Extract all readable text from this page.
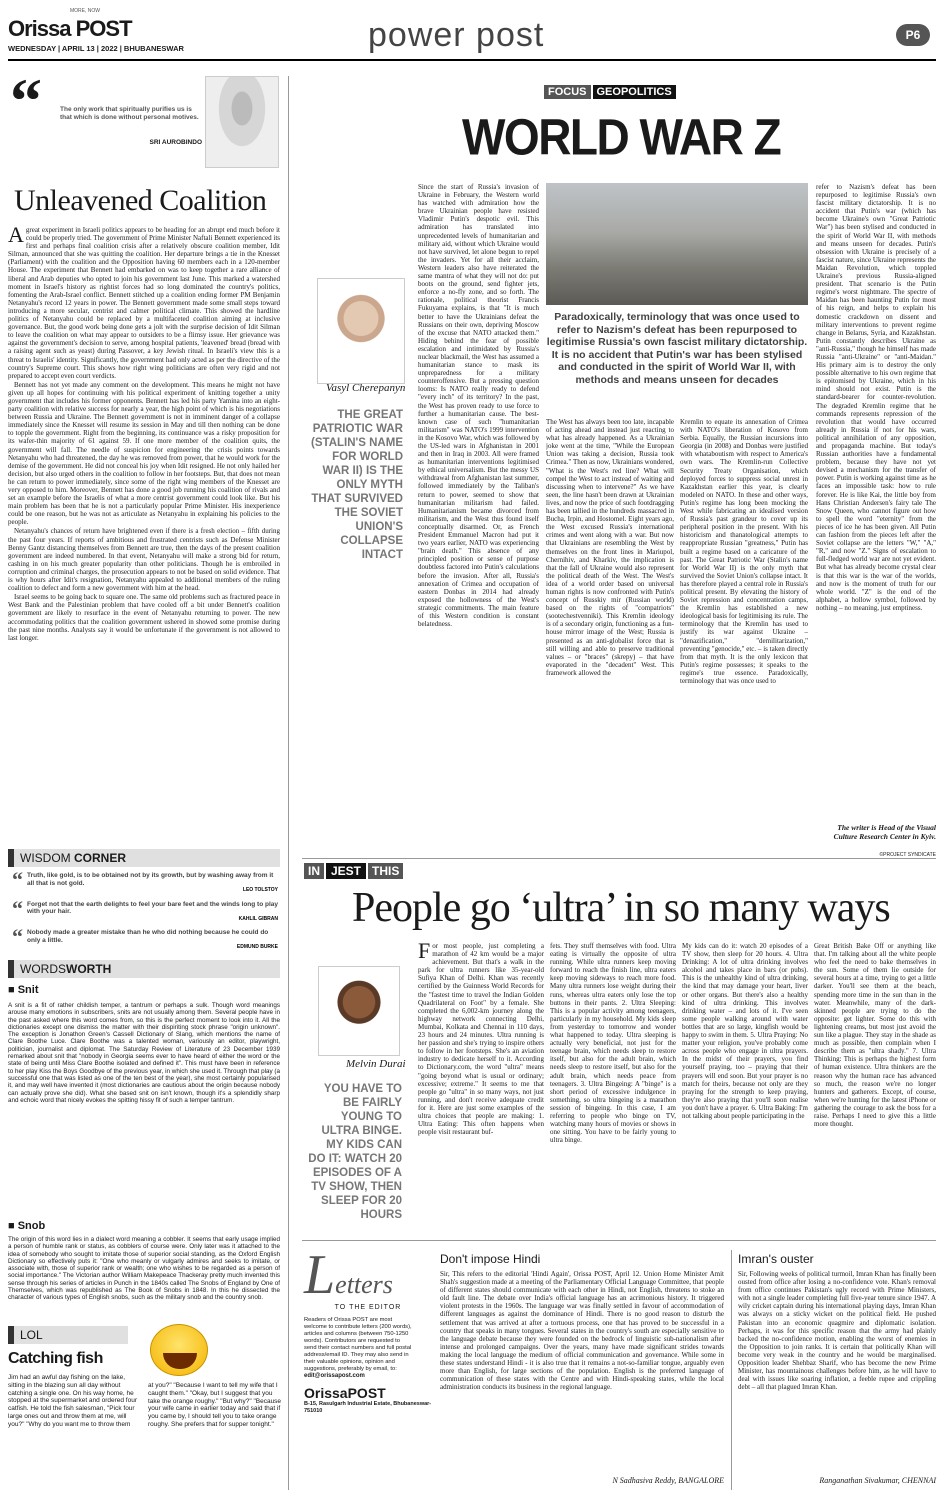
Orissa POST
MORE, NOW
WEDNESDAY | APRIL 13 | 2022 | BHUBANESWAR	power post	P6
“	The only work that spiritually purifies us is that which is done without personal motives.
SRI AUROBINDO
Unleavened Coalition

Agreat experiment in Israeli politics appears to be heading for an abrupt end much before it could be properly tried. The government of Prime Minister Naftali Bennett experienced its first and perhaps final coalition crisis after a relatively obscure coalition member, Idit Silman, announced that she was quitting the coalition. Her departure brings a tie in the Knesset (Parliament) with the coalition and the Opposition having 60 members each in a 120-member House. The experiment that Bennett had embarked on was to keep together a rare alliance of liberal and Arab deputies who opted to join his government last June. This marked a watershed moment in Israel's history as rightist forces had so long dominated the country's politics, fomenting the Arab-Israel conflict. Bennett stitched up a coalition ending former PM Benjamin Netanyahu's record 12 years in power. The Bennett government made some small steps toward introducing a more secular, centrist and calmer political climate. This showed the hardline politics of Netanyahu could be replaced by a multifaceted coalition aiming at inclusive governance. But, the good work being done gets a jolt with the surprise decision of Idit Silman to leave the coalition on what may appear to outsiders to be a flimsy issue. Her grievance was against the government's decision to serve, among hospital patients, 'leavened' bread (bread with a raising agent such as yeast) during Passover, a key Jewish ritual. In Israeli's view this is a threat to Israelis' identity. Significantly, the government had only acted as per the directive of the country's Supreme court. This shows how right wing politicians are often very rigid and not prepared to accept even court verdicts.

Bennett has not yet made any comment on the development. This means he might not have given up all hopes for continuing with his political experiment of knitting together a unity government that includes his former opponents. Bennett has led his party Yamina into an eight-party coalition with relative success for nearly a year, the high point of which is his negotiations between Russia and Ukraine. The Bennett government is not in imminent danger of a collapse immediately since the Knesset will resume its session in May and till then nothing can be done to topple the government. Right from the beginning, its continuance was a risky proposition for its wafer-thin majority of 61 against 59. If one more member of the coalition quits, the government will fall. The needle of suspicion for engineering the crisis points towards Netanyahu who had threatened, the day he was removed from power, that he would work for the demise of the government. He did not conceal his joy when Idit resigned. He not only hailed her decision, but also urged others in the coalition to follow in her footsteps. But, that does not mean he can return to power immediately, since some of the right wing members of the Knesset are very opposed to him. Moreover, Bennett has done a good job running his coalition of rivals and set an example before the Israelis of what a more centrist government could look like. But his main problem has been that he is not a particularly popular Prime Minister. His inexperience could be one reason, but he was not as articulate as Netanyahu in explaining his policies to the people.

Netanyahu's chances of return have brightened even if there is a fresh election – fifth during the past four years. If reports of ambitious and frustrated centrists such as Defense Minister Benny Gantz distancing themselves from Bennett are true, then the days of the present coalition government are indeed numbered. In that event, Netanyahu will make a strong bid for return, cashing in on his much greater popularity than other politicians. Though he is embroiled in corruption and criminal charges, the prosecution appears to not be based on solid evidence. That is why hours after Idit's resignation, Netanyahu appealed to additional members of the ruling coalition to defect and form a new government with him at the head.

Israel seems to be going back to square one. The same old problems such as fractured peace in West Bank and the Palestinian problem that have cooled off a bit under Bennett's coalition government are likely to resurface in the event of Netanyahu returning to power. The new accommodating politics that the coalition government ushered in showed some promise during the past nine months. Analysts say it would be unfortunate if the government is not allowed to last longer.

WISDOM CORNER
“ Truth, like gold, is to be obtained not by its growth, but by washing away from it all that is not gold.
LEO TOLSTOY
“ Forget not that the earth delights to feel your bare feet and the winds long to play with your hair.
KAHLIL GIBRAN
“ Nobody made a greater mistake than he who did nothing because he could do only a little.
EDMUND BURKE
WORDSWORTH
■ Snit
A snit is a fit of rather childish temper, a tantrum or perhaps a sulk. Though word meanings arouse many emotions in subscribers, snits are not usually among them. Several people have in the past asked where this word comes from, so this is the perfect moment to look into it. All the dictionaries except one dismiss the matter with their dispiriting stock phrase "origin unknown". The exception is Jonathon Green's Cassell Dictionary of Slang, which mentions the name of Clare Boothe Luce. Clare Boothe was a talented woman, variously an editor, playwright, politician, journalist and diplomat. The Saturday Review of Literature of 23 December 1939 remarked about snit that "nobody in Georgia seems ever to have heard of either the word or the state of being until Miss Clare Boothe isolated and defined it". This must have been in reference to her play Kiss the Boys Goodbye of the previous year, in which she used it. Through that play (a successful one that was listed as one of the ten best of the year), she most certainly popularised it, and may well have invented it (most dictionaries are cautious about the origin because nobody can actually prove she did). What she based snit on isn't known, though it's a splendidly sharp and echoic word that nicely evokes the spitting hissy fit of such a temper tantrum.
■ Snob
The origin of this word lies in a dialect word meaning a cobbler. It seems that early usage implied a person of humble rank or status, as cobblers of course were. Only later was it attached to the idea of somebody who sought to imitate those of superior social standing, as the Oxford English Dictionary so effectively puts it: "One who meanly or vulgarly admires and seeks to imitate, or associate with, those of superior rank or wealth; one who wishes to be regarded as a person of social importance." The Victorian author William Makepeace Thackeray pretty much invented this sense through his series of articles in Punch in the 1840s called The Snobs of England by One of Themselves, which was republished as The Book of Snobs in 1848. In this he dissected the character of various types of English snobs, such as the military snob and the country snob.
LOL
Catching fish
Jim had an awful day fishing on the lake, sitting in the blazing sun all day without catching a single one. On his way home, he stopped at the supermarket and ordered four catfish. He told the fish salesman, "Pick four large ones out and throw them at me, will you?" "Why do you want me to throw them
at you?" "Because I want to tell my wife that I caught them." "Okay, but I suggest that you take the orange roughy." "But why?" "Because your wife came in earlier today and said that if you came by, I should tell you to take orange roughy. She prefers that for supper tonight."
FOCUS GEOPOLITICS
WORLD WAR Z
Vasyl Cherepanyn
THE GREAT PATRIOTIC WAR (STALIN'S NAME FOR WORLD WAR II) IS THE ONLY MYTH THAT SURVIVED THE SOVIET UNION'S COLLAPSE INTACT
Since the start of Russia's invasion of Ukraine in February, the Western world has watched with admiration how the brave Ukrainian people have resisted Vladimir Putin's despotic evil. This admiration has translated into unprecedented levels of humanitarian and military aid, without which Ukraine would not have survived, let alone begun to repel the invaders. Yet for all their acclaim, Western leaders also have reiterated the same mantra of what they will not do: put boots on the ground, send fighter jets, enforce a no-fly zone, and so forth. The rationale, political theorist Francis Fukuyama explains, is that "It is much better to have the Ukrainians defeat the Russians on their own, depriving Moscow of the excuse that NATO attacked them." Hiding behind the fear of possible escalation and intimidated by Russia's nuclear blackmail, the West has assumed a humanitarian stance to mask its unpreparedness for a military counteroffensive. But a pressing question looms: Is NATO really ready to defend "every inch" of its territory? In the past, the West has proven ready to use force to further a humanitarian cause. The best-known case of such "humanitarian militarism" was NATO's 1999 intervention in the Kosovo War, which was followed by the US-led wars in Afghanistan in 2001 and then in Iraq in 2003. All were framed as humanitarian interventions legitimised by ethical universalism. But the messy US withdrawal from Afghanistan last summer, followed immediately by the Taliban's return to power, seemed to show that humanitarian militarism had failed. Humanitarianism became divorced from militarism, and the West thus found itself conceptually disarmed. Or, as French President Emmanuel Macron had put it two years earlier, NATO was experiencing "brain death." This absence of any principled position or sense of purpose doubtless factored into Putin's calculations before the invasion. After all, Russia's annexation of Crimea and occupation of eastern Donbas in 2014 had already exposed the hollowness of the West's strategic commitments. The main feature of this Western condition is constant belatedness.
Paradoxically, terminology that was once used to refer to Nazism's defeat has been repurposed to legitimise Russia's own fascist military dictatorship. It is no accident that Putin's war has been stylised and conducted in the spirit of World War II, with methods and means unseen for decades
The West has always been too late, incapable of acting ahead and instead just reacting to what has already happened. As a Ukrainian joke went at the time, "While the European Union was taking a decision, Russia took Crimea." Then as now, Ukrainians wondered, "What is the West's red line? What will compel the West to act instead of waiting and discussing when to intervene?" As we have seen, the line hasn't been drawn at Ukrainian lives, and now the price of such footdragging has been tallied in the hundreds massacred in Bucha, Irpin, and Hostomel. Eight years ago, the West excused Russia's international crimes and went along with a war. But now that Ukrainians are resembling the West by themselves on the front lines in Mariupol, Chernihiv, and Kharkiv, the implication is that the fall of Ukraine would also represent the political death of the West. The West's idea of a world order based on universal human rights is now confronted with Putin's concept of Russkiy mir (Russian world) based on the rights of "compatriots" (sootechestvenniki). This Kremlin ideology is of a secondary origin, functioning as a fun-house mirror image of the West; Russia is presented as an anti-globalist force that is still willing and able to preserve traditional values – or "braces" (skrepy) – that have evaporated in the "decadent" West. This framework allowed the
Kremlin to equate its annexation of Crimea with NATO's liberation of Kosovo from Serbia. Equally, the Russian incursions into Georgia (in 2008) and Donbas were justified with whataboutism with respect to America's own wars. The Kremlin-run Collective Security Treaty Organisation, which deployed forces to suppress social unrest in Kazakhstan earlier this year, is clearly modeled on NATO. In these and other ways, Putin's regime has long been mocking the West while fabricating an idealised version of Russia's past grandeur to cover up its peripheral position in the present. With his historicism and thanatological attempts to reappropriate Russian "greatness," Putin has built a regime based on a caricature of the past. The Great Patriotic War (Stalin's name for World War II) is the only myth that survived the Soviet Union's collapse intact. It has therefore played a central role in Russia's political present. By elevating the history of Soviet repression and concentration camps, the Kremlin has established a new ideological basis for legitimising its rule. The terminology that the Kremlin has used to justify its war against Ukraine – "denazification," "demilitarization," preventing "genocide," etc. – is taken directly from that myth. It is the only lexicon that Putin's regime possesses; it speaks to the regime's true essence. Paradoxically, terminology that was once used to
refer to Nazism's defeat has been repurposed to legitimise Russia's own fascist military dictatorship. It is no accident that Putin's war (which has become Ukraine's own "Great Patriotic War") has been stylised and conducted in the spirit of World War II, with methods and means unseen for decades. Putin's obsession with Ukraine is precisely of a fascist nature, since Ukraine represents the Maidan Revolution, which toppled Ukraine's previous Russia-aligned president. That scenario is the Putin regime's worst nightmare. The spectre of Maidan has been haunting Putin for most of his reign, and helps to explain his domestic crackdown on dissent and military interventions to prevent regime change in Belarus, Syria, and Kazakhstan. Putin constantly describes Ukraine as "anti-Russia," though he himself has made Russia "anti-Ukraine" or "anti-Maidan." His primary aim is to destroy the only possible alternative to his own regime that is epitomised by Ukraine, which in his mind should not exist. Putin is the standard-bearer for counter-revolution. The degraded Kremlin regime that he commands represents repression of the revolution that would have occurred already in Russia if not for his wars, political annihilation of any opposition, and propaganda machine. But today's Russian authorities have a fundamental problem, because they have not yet devised a mechanism for the transfer of power. Putin is working against time as he faces an impossible task: how to rule forever. He is like Kai, the little boy from Hans Christian Andersen's fairy tale The Snow Queen, who cannot figure out how to spell the word "eternity" from the pieces of ice he has been given. All Putin can fashion from the pieces left after the Soviet collapse are the letters "W," "A," "R," and now "Z." Signs of escalation to full-fledged world war are not yet evident. But what has already become crystal clear is that this war is the war of the worlds, and now is the moment of truth for our whole world. "Z" is the end of the alphabet, a hollow symbol, followed by nothing – no meaning, just emptiness.
The writer is Head of the Visual Culture Research Center in Kyiv.
©PROJECT SYNDICATE
IN JEST THIS
People go ‘ultra’ in so many ways
Melvin Durai
YOU HAVE TO BE FAIRLY YOUNG TO ULTRA BINGE. MY KIDS CAN DO IT: WATCH 20 EPISODES OF A TV SHOW, THEN SLEEP FOR 20 HOURS
For most people, just completing a marathon of 42 km would be a major achievement. But that's a walk in the park for ultra runners like 35-year-old Sufiya Khan of Delhi. Khan was recently certified by the Guinness World Records for the "fastest time to travel the Indian Golden Quadrilateral on Foot" by a female. She completed the 6,002-km journey along the highway network connecting Delhi, Mumbai, Kolkata and Chennai in 110 days, 23 hours and 24 minutes. Ultra running is her passion and she's trying to inspire others to follow in her footsteps. She's an aviation industry to dedicate herself to it. According to Dictionary.com, the word "ultra" means "going beyond what is usual or ordinary; excessive; extreme." It seems to me that people go "ultra" in so many ways, not just running, and don't receive adequate credit for it. Here are just some examples of the ultra choices that people are making: 1. Ultra Eating: This often happens when people visit restaurant buf-
fets. They stuff themselves with food. Ultra eating is virtually the opposite of ultra running. While ultra runners keep moving forward to reach the finish line, ultra eaters keep moving sideways to reach more food. Many ultra runners lose weight during their runs, whereas ultra eaters only lose the top buttons in their pants. 2. Ultra Sleeping: This is a popular activity among teenagers, particularly in my household. My kids sleep from yesterday to tomorrow and wonder what happened to today. Ultra sleeping is actually very beneficial, not just for the teenage brain, which needs sleep to restore itself, but also for the adult brain, which needs sleep to restore itself, but also for the adult brain, which needs peace from teenagers. 3. Ultra Bingeing: A "binge" is a short period of excessive indulgence in something, so ultra bingeing is a marathon session of bingeing. In this case, I am referring to people who binge on TV, watching many hours of movies or shows in one sitting. You have to be fairly young to ultra binge.
My kids can do it: watch 20 episodes of a TV show, then sleep for 20 hours. 4. Ultra Drinking: A lot of ultra drinking involves alcohol and takes place in bars (or pubs). This is the unhealthy kind of ultra drinking, the kind that may damage your heart, liver or other organs. But there's also a healthy kind of ultra drinking. This involves drinking water – and lots of it. I've seen some people walking around with water bottles that are so large, kingfish would be happy to swim in them. 5. Ultra Praying: No matter your religion, you've probably come across people who engage in ultra prayers. In the midst of their prayers, you find yourself praying, too – praying that their prayers will end soon. But your prayer is no match for theirs, because not only are they praying for the strength to keep praying, they're also praying that you'll soon realise you don't have a prayer. 6. Ultra Baking: I'm not talking about people participating in the
Great British Bake Off or anything like that. I'm talking about all the white people who feel the need to bake themselves in the sun. Some of them lie outside for several hours at a time, trying to get a little darker. You'll see them at the beach, spending more time in the sun than in the water. Meanwhile, many of the dark-skinned people are trying to do the opposite: get lighter. Some do this with lightening creams, but most just avoid the sun like a plague. They stay in the shade as much as possible, then complain when I describe them as "ultra shady." 7. Ultra Thinking: This is perhaps the highest form of human existence. Ultra thinkers are the reason why the human race has advanced so much, the reason we're no longer hunters and gatherers. Except, of course, when we're hunting for the latest iPhone or gathering the courage to ask the boss for a raise. Perhaps I need to give this a little more thought.
Letters
TO THE EDITOR
Readers of Orissa POST are most welcome to contribute letters (200 words), articles and columns (between 750-1250 words). Contributors are requested to send their contact numbers and full postal address/email ID. They may also send in their valuable opinions, opinion and suggestions, preferably by email, to:
edit@orissapost.com
OrissaPOST
B-15, Rasulgarh Industrial Estate, Bhubaneswar-751010
Don't impose Hindi
Sir, This refers to the editorial 'Hindi Again', Orissa POST, April 12. Union Home Minister Amit Shah's suggestion made at a meeting of the Parliamentary Official Language Committee, that people of different states should communicate with each other in Hindi, not English, threatens to stoke an old fault line. The debate over India's official language has an acrimonious history. It triggered violent protests in the 1960s. The language war was finally settled in favour of accommodation of different languages as against the dominance of Hindi. There is no good reason to disturb the settlement that was arrived at after a tortuous process, one that has proved to be successful in a country that speaks in many tongues. Several states in the country's south are especially sensitive to the language debate because they were founded on the bedrock of linguistic sub-nationalism after intense and prolonged campaigns. Over the years, many have made significant strides towards making the local language the medium of official communication and governance. While some in these states understand Hindi - it is also true that it remains a not-so-familiar tongue, arguably even more than English, for large sections of the population. English is the preferred language of communication of these states with the Centre and with Hindi-speaking states, while the local administration conducts its business in the regional language.
N Sadhasiva Reddy, BANGALORE
Imran's ouster
Sir, Following weeks of political turmoil, Imran Khan has finally been ousted from office after losing a no-confidence vote. Khan's removal from office continues Pakistan's ugly record with Prime Ministers, with not a single leader completing full five-year tenure since 1947. A wily cricket captain during his international playing days, Imran Khan was always on a sticky wicket on the political field. He pushed Pakistan into an economic quagmire and diplomatic isolation. Perhaps, it was for this specific reason that the army had plainly backed the no-confidence motion, enabling the worst of enemies in the Opposition to join ranks. It is certain that politically Khan will become very weak in the country and he would be marginalised. Opposition leader Shehbaz Sharif, who has become the new Prime Minister, has mountainous challenges before him, as he will have to deal with issues like soaring inflation, a feeble rupee and crippling debt – all that plagued Imran Khan.
Ranganathan Sivakumar, CHENNAI
